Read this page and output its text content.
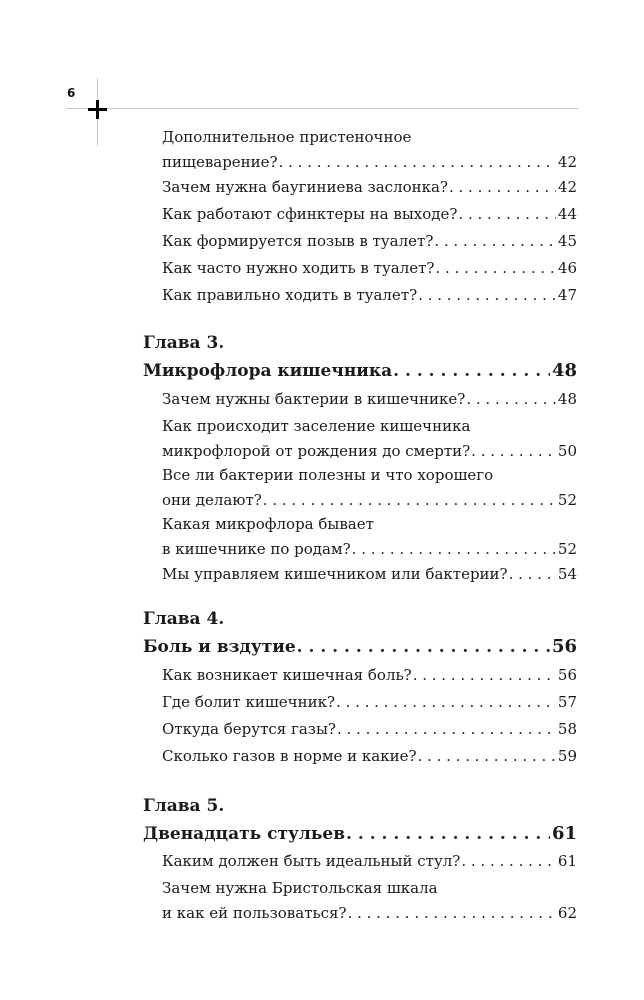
6
Дополнительное пристеночное
пищеварение? . . .	42
Зачем нужна баугиниева заслонка? . . .	42
Как работают сфинктеры на выходе? . . .	44
Как формируется позыв в туалет? . . .	45
Как часто нужно ходить в туалет? . . .	46
Как правильно ходить в туалет? . . .	47
Глава 3.
Микрофлора кишечника . . .	48
Зачем нужны бактерии в кишечнике? . . .	48
Как происходит заселение кишечника
микрофлорой от рождения до смерти? . . .	50
Все ли бактерии полезны и что хорошего
они делают? . . .	52
Какая микрофлора бывает
в кишечнике по родам? . . .	52
Мы управляем кишечником или бактерии? . . .	54
Глава 4.
Боль и вздутие . . .	56
Как возникает кишечная боль? . . .	56
Где болит кишечник? . . .	57
Откуда берутся газы? . . .	58
Сколько газов в норме и какие? . . .	59
Глава 5.
Двенадцать стульев . . .	61
Каким должен быть идеальный стул? . . .	61
Зачем нужна Бристольская шкала
и как ей пользоваться? . . .	62
